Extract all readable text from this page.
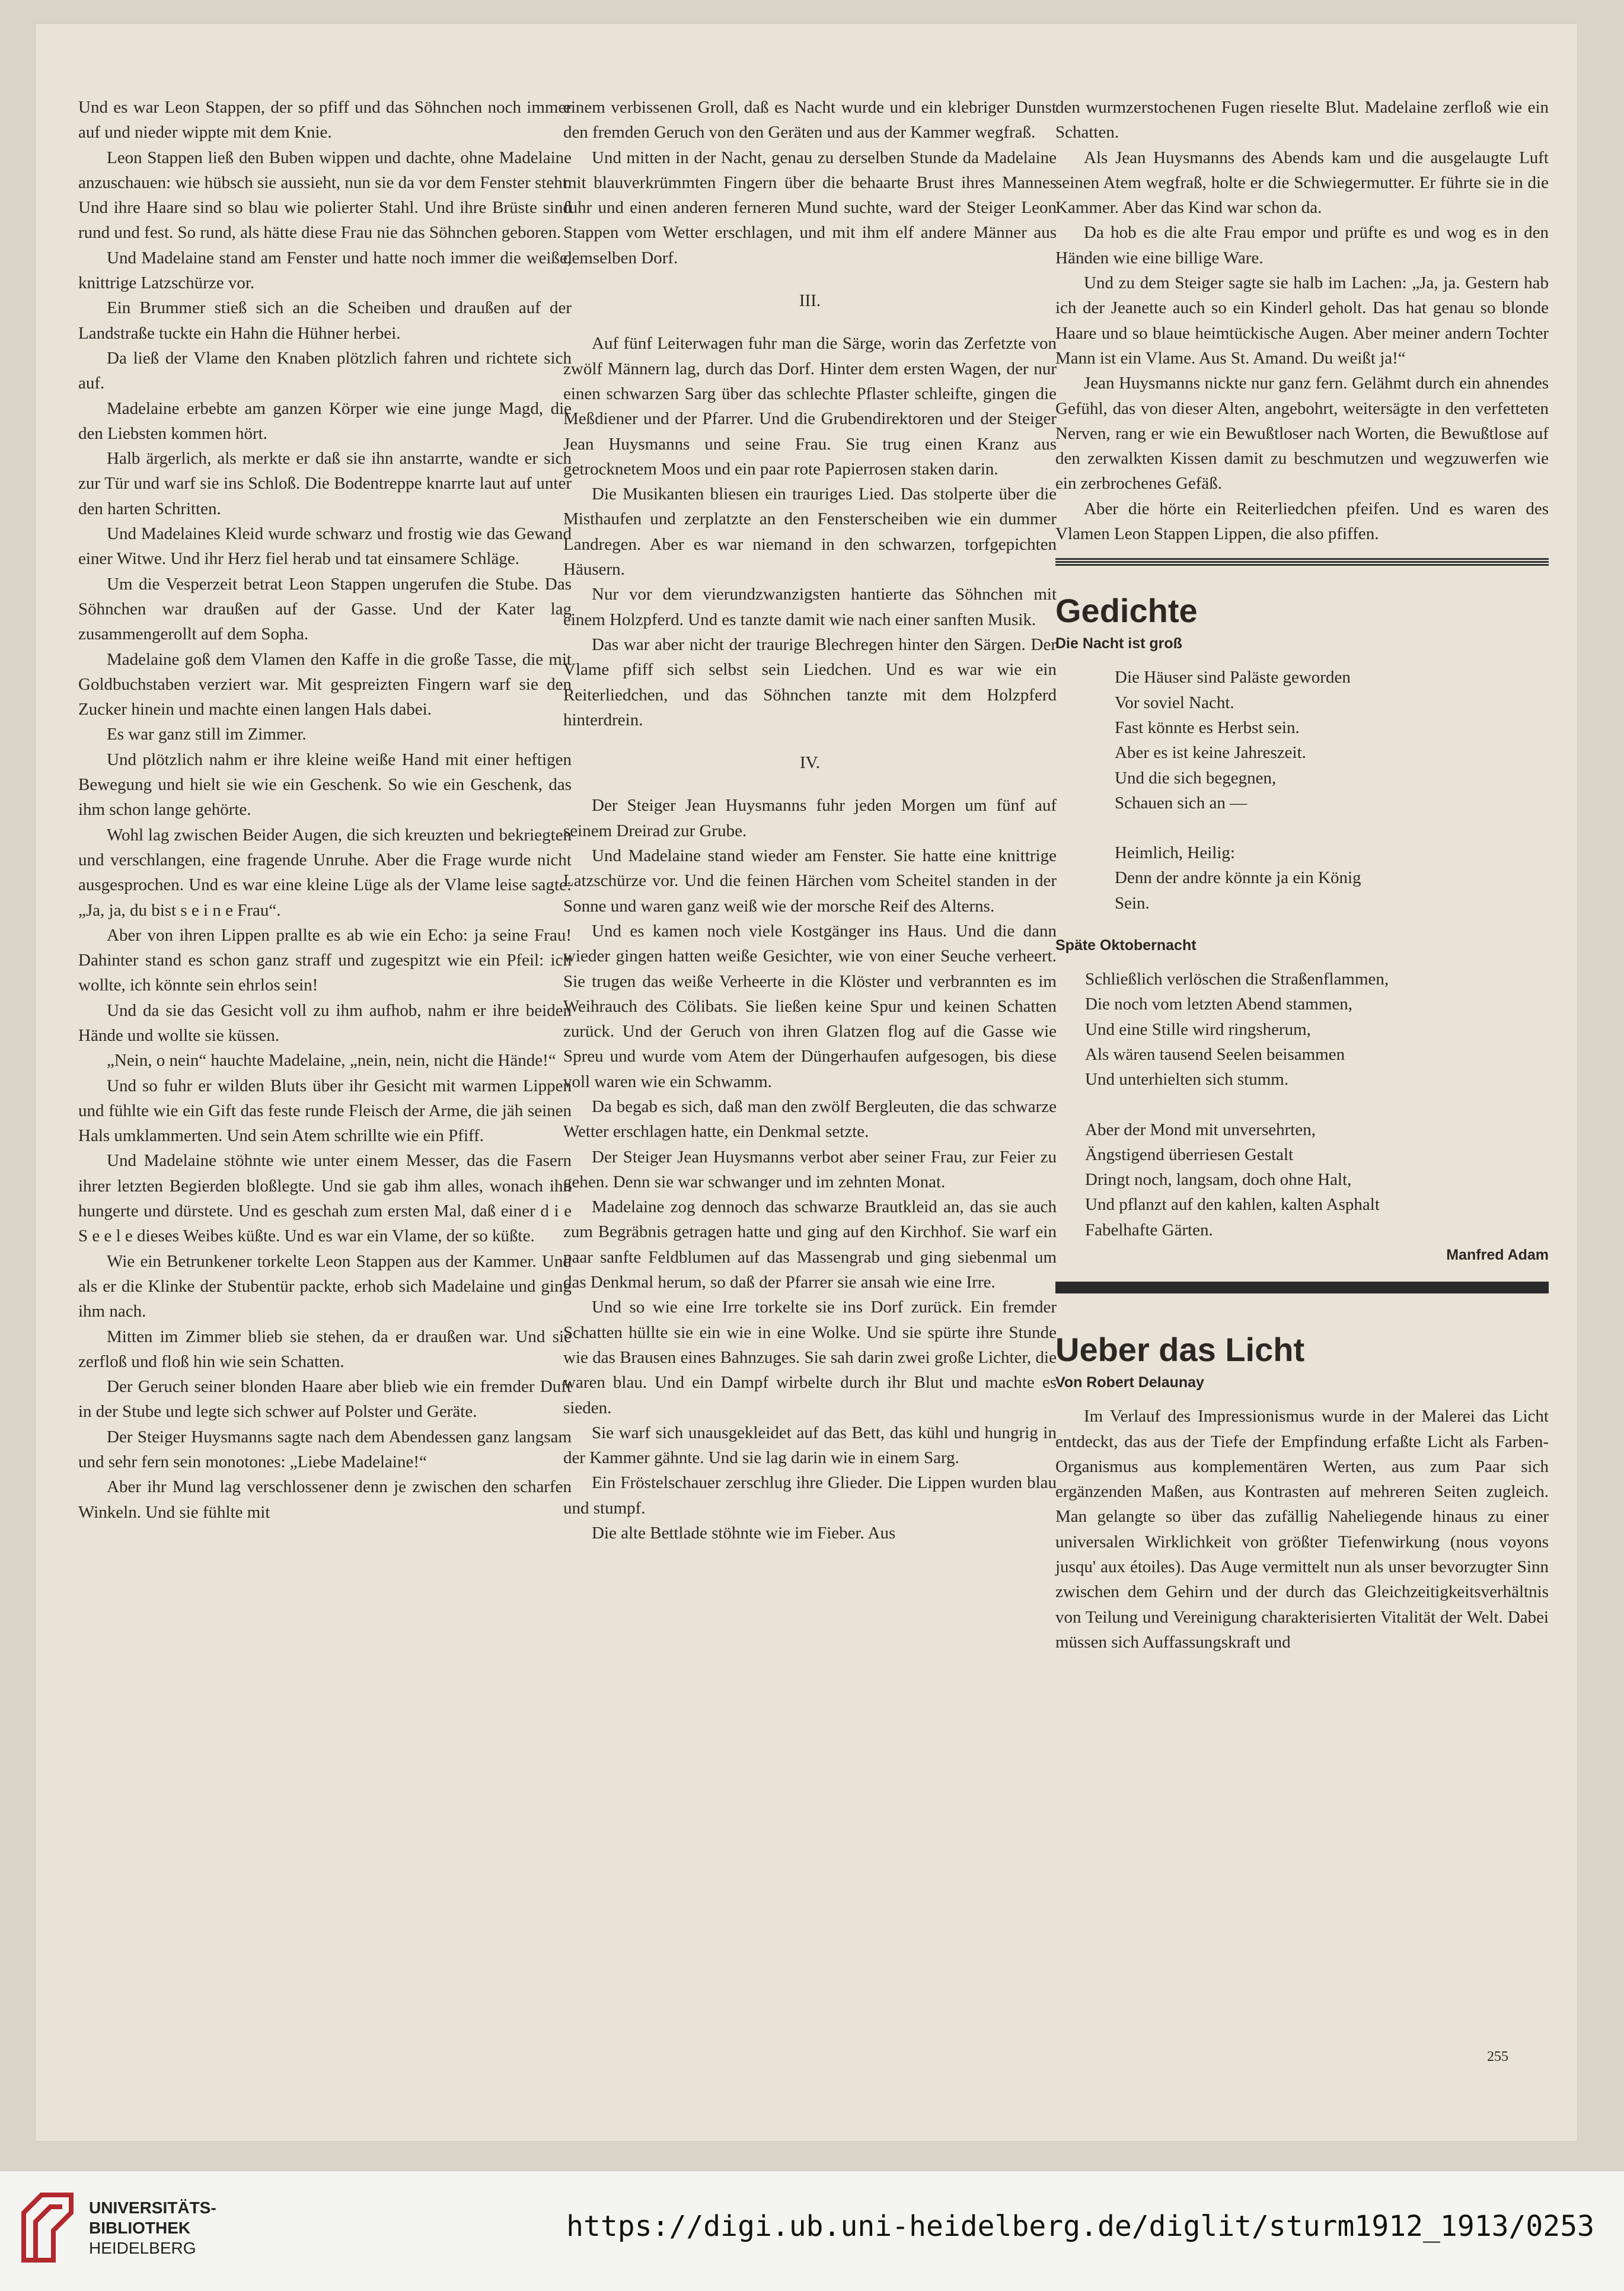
Und es war Leon Stappen, der so pfiff und das Söhnchen noch immer auf und nieder wippte mit dem Knie.

Leon Stappen ließ den Buben wippen und dachte, ohne Madelaine anzuschauen: wie hübsch sie aussieht, nun sie da vor dem Fenster steht. Und ihre Haare sind so blau wie polierter Stahl. Und ihre Brüste sind rund und fest. So rund, als hätte diese Frau nie das Söhnchen geboren.

Und Madelaine stand am Fenster und hatte noch immer die weiße, knittrige Latzschürze vor.

Ein Brummer stieß sich an die Scheiben und draußen auf der Landstraße tuckte ein Hahn die Hühner herbei.

Da ließ der Vlame den Knaben plötzlich fahren und richtete sich auf.

Madelaine erbebte am ganzen Körper wie eine junge Magd, die den Liebsten kommen hört.

Halb ärgerlich, als merkte er daß sie ihn anstarrte, wandte er sich zur Tür und warf sie ins Schloß. Die Bodentreppe knarrte laut auf unter den harten Schritten.

Und Madelaines Kleid wurde schwarz und frostig wie das Gewand einer Witwe. Und ihr Herz fiel herab und tat einsamere Schläge.

Um die Vesperzeit betrat Leon Stappen ungerufen die Stube. Das Söhnchen war draußen auf der Gasse. Und der Kater lag zusammengerollt auf dem Sopha.

Madelaine goß dem Vlamen den Kaffe in die große Tasse, die mit Goldbuchstaben verziert war. Mit gespreizten Fingern warf sie den Zucker hinein und machte einen langen Hals dabei.

Es war ganz still im Zimmer.

Und plötzlich nahm er ihre kleine weiße Hand mit einer heftigen Bewegung und hielt sie wie ein Geschenk. So wie ein Geschenk, das ihm schon lange gehörte.

Wohl lag zwischen Beider Augen, die sich kreuzten und bekriegten und verschlangen, eine fragende Unruhe. Aber die Frage wurde nicht ausgesprochen. Und es war eine kleine Lüge als der Vlame leise sagte: „Ja, ja, du bist s e i n e Frau“.

Aber von ihren Lippen prallte es ab wie ein Echo: ja seine Frau! Dahinter stand es schon ganz straff und zugespitzt wie ein Pfeil: ich wollte, ich könnte sein ehrlos sein!

Und da sie das Gesicht voll zu ihm aufhob, nahm er ihre beiden Hände und wollte sie küssen.

„Nein, o nein“ hauchte Madelaine, „nein, nein, nicht die Hände!“

Und so fuhr er wilden Bluts über ihr Gesicht mit warmen Lippen und fühlte wie ein Gift das feste runde Fleisch der Arme, die jäh seinen Hals umklammerten. Und sein Atem schrillte wie ein Pfiff.

Und Madelaine stöhnte wie unter einem Messer, das die Fasern ihrer letzten Begierden bloßlegte. Und sie gab ihm alles, wonach ihn hungerte und dürstete. Und es geschah zum ersten Mal, daß einer d i e S e e l e dieses Weibes küßte. Und es war ein Vlame, der so küßte.

Wie ein Betrunkener torkelte Leon Stappen aus der Kammer. Und als er die Klinke der Stubentür packte, erhob sich Madelaine und ging ihm nach.

Mitten im Zimmer blieb sie stehen, da er draußen war. Und sie zerfloß und floß hin wie sein Schatten.

Der Geruch seiner blonden Haare aber blieb wie ein fremder Duft in der Stube und legte sich schwer auf Polster und Geräte.

Der Steiger Huysmanns sagte nach dem Abendessen ganz langsam und sehr fern sein monotones: „Liebe Madelaine!“

Aber ihr Mund lag verschlossener denn je zwischen den scharfen Winkeln. Und sie fühlte mit

einem verbissenen Groll, daß es Nacht wurde und ein klebriger Dunst den fremden Geruch von den Geräten und aus der Kammer wegfraß.

Und mitten in der Nacht, genau zu derselben Stunde da Madelaine mit blauverkrümmten Fingern über die behaarte Brust ihres Mannes fuhr und einen anderen ferneren Mund suchte, ward der Steiger Leon Stappen vom Wetter erschlagen, und mit ihm elf andere Männer aus demselben Dorf.

III.

Auf fünf Leiterwagen fuhr man die Särge, worin das Zerfetzte von zwölf Männern lag, durch das Dorf. Hinter dem ersten Wagen, der nur einen schwarzen Sarg über das schlechte Pflaster schleifte, gingen die Meßdiener und der Pfarrer. Und die Grubendirektoren und der Steiger Jean Huysmanns und seine Frau. Sie trug einen Kranz aus getrocknetem Moos und ein paar rote Papierrosen staken darin.

Die Musikanten bliesen ein trauriges Lied. Das stolperte über die Misthaufen und zerplatzte an den Fensterscheiben wie ein dummer Landregen. Aber es war niemand in den schwarzen, torfgepichten Häusern.

Nur vor dem vierundzwanzigsten hantierte das Söhnchen mit einem Holzpferd. Und es tanzte damit wie nach einer sanften Musik.

Das war aber nicht der traurige Blechregen hinter den Särgen. Der Vlame pfiff sich selbst sein Liedchen. Und es war wie ein Reiterliedchen, und das Söhnchen tanzte mit dem Holzpferd hinterdrein.

IV.

Der Steiger Jean Huysmanns fuhr jeden Morgen um fünf auf seinem Dreirad zur Grube.

Und Madelaine stand wieder am Fenster. Sie hatte eine knittrige Latzschürze vor. Und die feinen Härchen vom Scheitel standen in der Sonne und waren ganz weiß wie der morsche Reif des Alterns.

Und es kamen noch viele Kostgänger ins Haus. Und die dann wieder gingen hatten weiße Gesichter, wie von einer Seuche verheert. Sie trugen das weiße Verheerte in die Klöster und verbrannten es im Weihrauch des Cölibats. Sie ließen keine Spur und keinen Schatten zurück. Und der Geruch von ihren Glatzen flog auf die Gasse wie Spreu und wurde vom Atem der Düngerhaufen aufgesogen, bis diese voll waren wie ein Schwamm.

Da begab es sich, daß man den zwölf Bergleuten, die das schwarze Wetter erschlagen hatte, ein Denkmal setzte.

Der Steiger Jean Huysmanns verbot aber seiner Frau, zur Feier zu gehen. Denn sie war schwanger und im zehnten Monat.

Madelaine zog dennoch das schwarze Brautkleid an, das sie auch zum Begräbnis getragen hatte und ging auf den Kirchhof. Sie warf ein paar sanfte Feldblumen auf das Massengrab und ging siebenmal um das Denkmal herum, so daß der Pfarrer sie ansah wie eine Irre.

Und so wie eine Irre torkelte sie ins Dorf zurück. Ein fremder Schatten hüllte sie ein wie in eine Wolke. Und sie spürte ihre Stunde wie das Brausen eines Bahnzuges. Sie sah darin zwei große Lichter, die waren blau. Und ein Dampf wirbelte durch ihr Blut und machte es sieden.

Sie warf sich unausgekleidet auf das Bett, das kühl und hungrig in der Kammer gähnte. Und sie lag darin wie in einem Sarg.

Ein Fröstelschauer zerschlug ihre Glieder. Die Lippen wurden blau und stumpf.

Die alte Bettlade stöhnte wie im Fieber. Aus

den wurmzerstochenen Fugen rieselte Blut. Madelaine zerfloß wie ein Schatten.

Als Jean Huysmanns des Abends kam und die ausgelaugte Luft seinen Atem wegfraß, holte er die Schwiegermutter. Er führte sie in die Kammer. Aber das Kind war schon da.

Da hob es die alte Frau empor und prüfte es und wog es in den Händen wie eine billige Ware.

Und zu dem Steiger sagte sie halb im Lachen: „Ja, ja. Gestern hab ich der Jeanette auch so ein Kinderl geholt. Das hat genau so blonde Haare und so blaue heimtückische Augen. Aber meiner andern Tochter Mann ist ein Vlame. Aus St. Amand. Du weißt ja!“

Jean Huysmanns nickte nur ganz fern. Gelähmt durch ein ahnendes Gefühl, das von dieser Alten, angebohrt, weitersägte in den verfetteten Nerven, rang er wie ein Bewußtloser nach Worten, die Bewußtlose auf den zerwalkten Kissen damit zu beschmutzen und wegzuwerfen wie ein zerbrochenes Gefäß.

Aber die hörte ein Reiterliedchen pfeifen. Und es waren des Vlamen Leon Stappen Lippen, die also pfiffen.

Gedichte

Die Nacht ist groß

Die Häuser sind Paläste geworden

Vor soviel Nacht.

Fast könnte es Herbst sein.

Aber es ist keine Jahreszeit.

Und die sich begegnen,

Schauen sich an —

Heimlich, Heilig:

Denn der andre könnte ja ein König

Sein.

Späte Oktobernacht

Schließlich verlöschen die Straßenflammen,

Die noch vom letzten Abend stammen,

Und eine Stille wird ringsherum,

Als wären tausend Seelen beisammen

Und unterhielten sich stumm.

Aber der Mond mit unversehrten,

Ängstigend überriesen Gestalt

Dringt noch, langsam, doch ohne Halt,

Und pflanzt auf den kahlen, kalten Asphalt

Fabelhafte Gärten.

Manfred Adam

Ueber das Licht

Von Robert Delaunay

Im Verlauf des Impressionismus wurde in der Malerei das Licht entdeckt, das aus der Tiefe der Empfindung erfaßte Licht als Farben-Organismus aus komplementären Werten, aus zum Paar sich ergänzenden Maßen, aus Kontrasten auf mehreren Seiten zugleich. Man gelangte so über das zufällig Naheliegende hinaus zu einer universalen Wirklichkeit von größter Tiefenwirkung (nous voyons jusqu' aux étoiles). Das Auge vermittelt nun als unser bevorzugter Sinn zwischen dem Gehirn und der durch das Gleichzeitigkeitsverhältnis von Teilung und Vereinigung charakterisierten Vitalität der Welt. Dabei müssen sich Auffassungskraft und

255
UNIVERSITÄTS-
BIBLIOTHEK
HEIDELBERG
https://digi.ub.uni-heidelberg.de/diglit/sturm1912_1913/0253
